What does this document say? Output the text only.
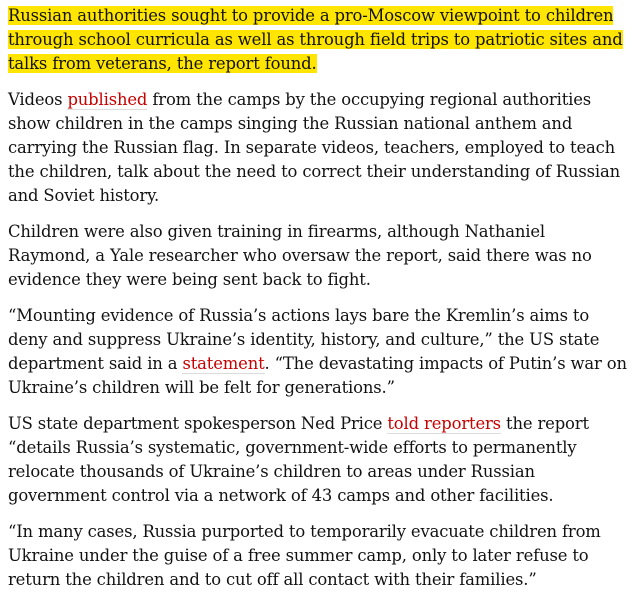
Russian authorities sought to provide a pro-Moscow viewpoint to children through school curricula as well as through field trips to patriotic sites and talks from veterans, the report found.

Videos published from the camps by the occupying regional authorities show children in the camps singing the Russian national anthem and carrying the Russian flag. In separate videos, teachers, employed to teach the children, talk about the need to correct their understanding of Russian and Soviet history.

Children were also given training in firearms, although Nathaniel Raymond, a Yale researcher who oversaw the report, said there was no evidence they were being sent back to fight.

“Mounting evidence of Russia’s actions lays bare the Kremlin’s aims to deny and suppress Ukraine’s identity, history, and culture,” the US state department said in a statement. “The devastating impacts of Putin’s war on Ukraine’s children will be felt for generations.”

US state department spokesperson Ned Price told reporters the report “details Russia’s systematic, government-wide efforts to permanently relocate thousands of Ukraine’s children to areas under Russian government control via a network of 43 camps and other facilities.

“In many cases, Russia purported to temporarily evacuate children from Ukraine under the guise of a free summer camp, only to later refuse to return the children and to cut off all contact with their families.”
